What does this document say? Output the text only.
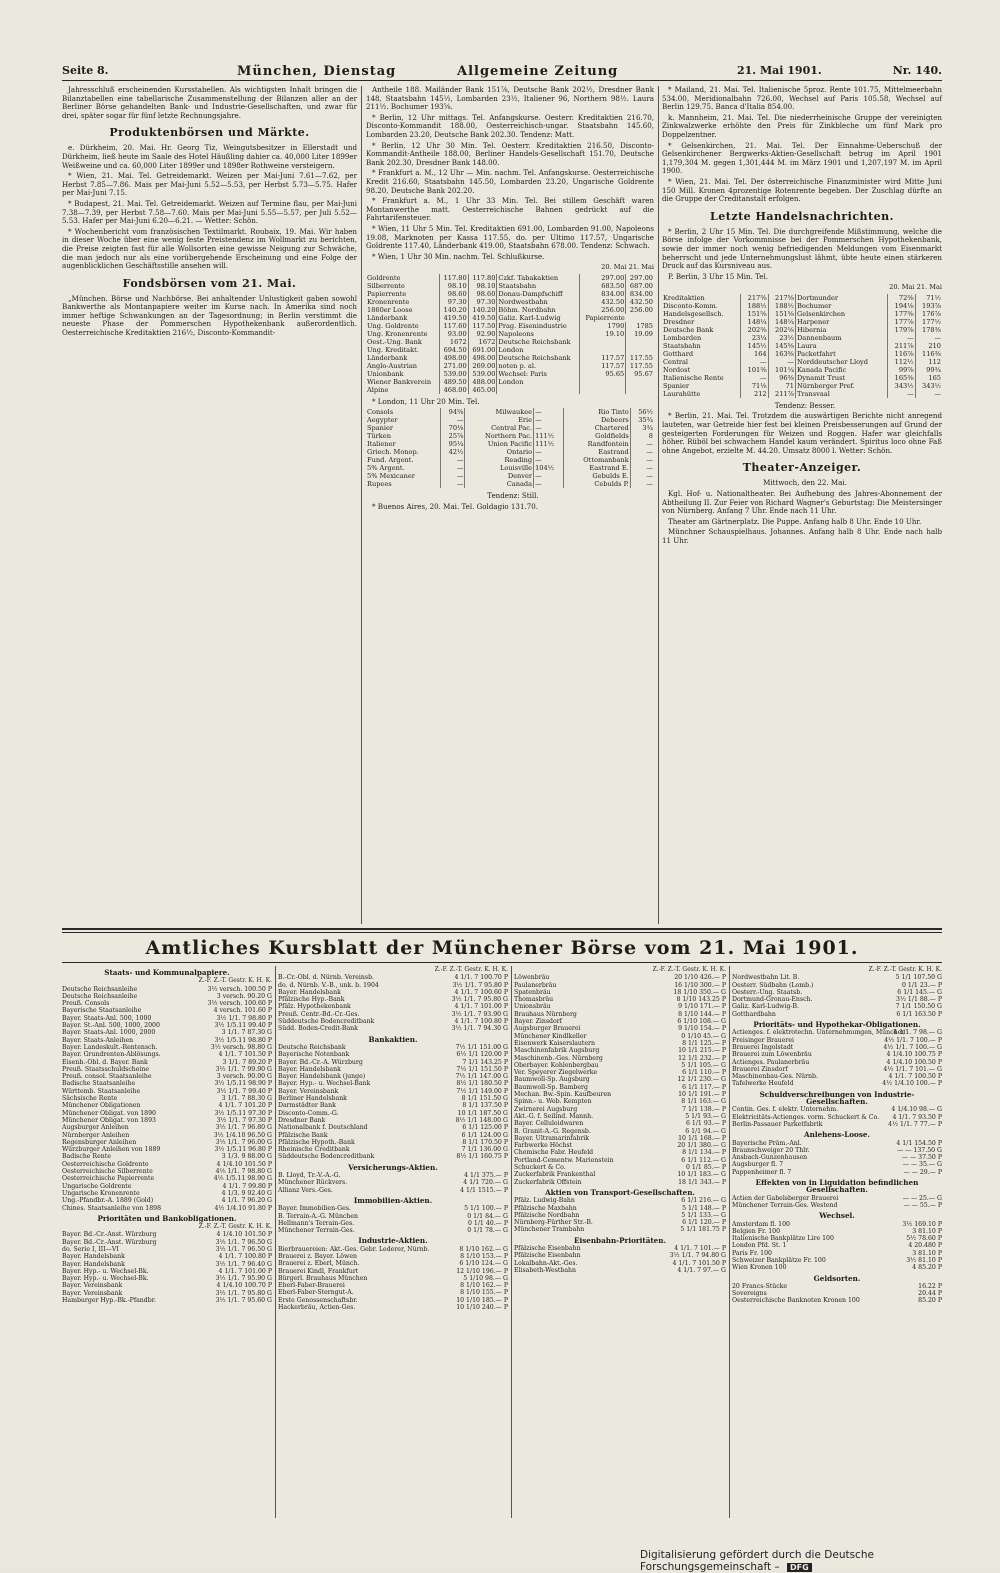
Seite 8.	München, Dienstag	Allgemeine Zeitung	21. Mai 1901.	Nr. 140.

Jahresschluß erscheinenden Kursstabellen. Als wichtigsten Inhalt bringen die Bilanztabellen eine tabellarische Zusammenstellung der Bilanzen aller an der Berliner Börse gehandelten Bank- und Industrie-Gesellschaften, und zwar für drei, später sogar für fünf letzte Rechnungsjahre.

Produktenbörsen und Märkte.

e. Dürkheim, 20. Mai. Hr. Georg Tiz, Weingutsbesitzer in Ellerstadt und Dürkheim, ließ heute im Saale des Hotel Häußling dahier ca. 40,000 Liter 1899er Weißweine und ca. 60,000 Liter 1899er und 1898er Rothweine versteigern.

* Wien, 21. Mai. Tel. Getreidemarkt. Weizen per Mai-Juni 7.61—7.62, per Herbst 7.85—7.86. Mais per Mai-Juni 5.52—5.53, per Herbst 5.73—5.75. Hafer per Mai-Juni 7.15.

* Budapest, 21. Mai. Tel. Getreidemarkt. Weizen auf Termine flau, per Mai-Juni 7.38—7.39, per Herbst 7.58—7.60. Mais per Mai-Juni 5.55—5.57, per Juli 5.52—5.53. Hafer per Mai-Juni 6.20—6.21. — Wetter: Schön.

* Wochenbericht vom französischen Textilmarkt. Roubaix, 19. Mai. Wir haben in dieser Woche über eine wenig feste Preistendenz im Wollmarkt zu berichten, die Preise zeigten fast für alle Wollsorten eine gewisse Neigung zur Schwäche, die man jedoch nur als eine vorübergehende Erscheinung und eine Folge der augenblicklichen Geschäftsstille ansehen will.

Fondsbörsen vom 21. Mai.

„München. Börse und Nachbörse. Bei anhaltender Unlustigkeit gaben sowohl Bankwerthe als Montanpapiere weiter im Kurse nach. In Amerika sind noch immer heftige Schwankungen an der Tagesordnung; in Berlin verstimmt die neueste Phase der Pommerschen Hypothekenbank außerordentlich. Oesterreichische Kreditaktien 216½, Disconto-Kommandit-

Antheile 188. Mailänder Bank 151⅞, Deutsche Bank 202½, Dresdner Bank 148, Staatsbahn 145½, Lombarden 23½, Italiener 96, Northern 98½. Laura 211½. Bochumer 193⅝.

* Berlin, 12 Uhr mittags. Tel. Anfangskurse. Oesterr. Kreditaktien 216.70, Disconto-Kommandit 188.00, Oesterreichisch-ungar. Staatsbahn 145.60, Lombarden 23.20, Deutsche Bank 202.30. Tendenz: Matt.

* Berlin, 12 Uhr 30 Min. Tel. Oesterr. Kreditaktien 216.50, Disconto-Kommandit-Antheile 188.00, Berliner Handels-Gesellschaft 151.70, Deutsche Bank 202.30, Dresdner Bank 148.00.

* Frankfurt a. M., 12 Uhr — Min. nachm. Tel. Anfangskurse. Oesterreichische Kredit 216.60, Staatsbahn 145.50, Lombarden 23.20, Ungarische Goldrente 98.20, Deutsche Bank 202.20.

* Frankfurt a. M., 1 Uhr 33 Min. Tel. Bei stillem Geschäft waren Montanwerthe matt. Oesterreichische Bahnen gedrückt auf die Fahrtarifensteuer.

* Wien, 11 Uhr 5 Min. Tel. Kreditaktien 691.00, Lombarden 91.00, Napoleons 19.08, Marknoten per Kassa 117.55, do. per Ultimo 117.57, Ungarische Goldrente 117.40, Länderbank 419.00, Staatsbahn 678.00. Tendenz: Schwach.

* Wien, 1 Uhr 30 Min. nachm. Tel. Schlußkurse.

20. Mai 21. Mai
Goldrente	117.80	117.80	Czkf. Tabakaktien	297.00	297.00
Silberrente	98.10	98.10	Staatsbahn	683.50	687.00
Papierrente	98.60	98.60	Donau-Dampfschiff	834.00	834.00
Kronenrente	97.30	97.30	Nordwestbahn	432.50	432.50
1860er Loose	140.20	140.20	Böhm. Nordbahn	256.00	256.00
Länderbank	419.50	419.50	Galiz. Karl-Ludwig	Papierrente	
Ung. Goldrente	117.60	117.50	Prag. Eisenindustrie	1790	1785
Ung. Kronenrente	93.00	92.90	Napoleons	19.10	19.09
Oest.-Ung. Bank	1672	1672	Deutsche Reichsbank		
Ung. Kreditakt.	694.50	691.00	London		
Länderbank	498.00	498.00	Deutsche Reichsbank	117.57	117.55
Anglo-Austrian	271.00	269.00	noten p. al.	117.57	117.55
Unionbank	539.00	539.00	Wechsel: Paris	95.65	95.67
Wiener Bankverein	489.50	488.00	London		
Alpine	468.00	465.00			

* London, 11 Uhr 20 Min. Tel.

Consols	94⅝	Milwaukee	—	Rio Tinto	56½
Aegypter	—	Erie	—	Debeers	35¾
Spanier	70⅛	Central Pac.	—	Chartered	3¾
Türken	25⅞	Northern Pac.	111½	Goldfields	8
Italiener	95¼	Union Pacific	111½	Randfontein	—
Griech. Monop.	42½	Ontario	—	Eastrand	—
Fund. Argent.	—	Reading	—	Ottomanbank	—
5% Argent.	—	Louisville	104½	Eastrand E.	—
5% Mexicaner	—	Denver	—	Gebulds E.	—
Rupees	—	Canada	—	Cebulds P.	—

Tendenz: Still.

* Buenos Aires, 20. Mai. Tel. Goldagio 131.70.

* Mailand, 21. Mai. Tel. Italienische 5proz. Rente 101.75, Mittelmeerbahn 534.00, Meridionalbahn 726.00, Wechsel auf Paris 105.58, Wechsel auf Berlin 129.75. Banca d'Italia 854.00.

k. Mannheim, 21. Mai. Tel. Die niederrheinische Gruppe der vereinigten Zinkwalzwerke erhöhte den Preis für Zinkbleche um fünf Mark pro Doppelzentner.

* Gelsenkirchen, 21. Mai. Tel. Der Einnahme-Ueberschuß der Gelsenkirchener Bergwerks-Aktien-Gesellschaft betrug im April 1901 1,179,304 M. gegen 1,301,444 M. im März 1901 und 1,207,197 M. im April 1900.

* Wien, 21. Mai. Tel. Der österreichische Finanzminister wird Mitte Juni 150 Mill. Kronen 4prozentige Rotenrente begeben. Der Zuschlag dürfte an die Gruppe der Creditanstalt erfolgen.

Letzte Handelsnachrichten.

* Berlin, 2 Uhr 15 Min. Tel. Die durchgreifende Mißstimmung, welche die Börse infolge der Vorkommnisse bei der Pommerschen Hypothekenbank, sowie der immer noch wenig befriedigenden Meldungen vom Eisenmarkt beherrscht und jede Unternehmungslust lähmt, übte heute einen stärkeren Druck auf das Kursniveau aus.

P. Berlin, 3 Uhr 15 Min. Tel.

20. Mai 21. Mai
Kreditaktien	217⅜	217⅝	Dortmunder	72⅜	71½
Disconto-Komm.	188½	188½	Bochumer	194⅛	193⅞
Handelsgesellsch.	151⅝	151⅝	Gelsenkirchen	177⅜	176⅞
Dresdner	148¼	148¼	Harpener	177⅞	177½
Deutsche Bank	202⅜	202⅛	Hibernia	179⅞	178⅜
Lombarden	23¼	23½	Dannenbaum	—	—
Staatsbahn	145½	145⅝	Laura	211⅞	210
Gotthard	164	163⅝	Packetfahrt	116⅞	116⅜
Central	—	—	Norddeutscher Lloyd	112½	112
Nordost	101⅜	101¼	Kanada Pacific	99⅞	99¾
Italienische Rente	—	96⅜	Dynamit Trust	165⅜	165
Spanier	71⅛	71	Nürnberger Pref.	343½	343½
Laurahütte	212	211⅞	Transvaal	—	—

Tendenz: Besser.

* Berlin, 21. Mai. Tel. Trotzdem die auswärtigen Berichte nicht anregend lauteten, war Getreide hier fest bei kleinen Preisbesserungen auf Grund der gesteigerten Forderungen für Weizen und Roggen. Hafer war gleichfalls höher. Rüböl bei schwachem Handel kaum verändert. Spiritus loco ohne Faß ohne Angebot, erzielte M. 44.20. Umsatz 8000 l. Wetter: Schön.

Theater-Anzeiger.

Mittwoch, den 22. Mai.

Kgl. Hof- u. Nationaltheater. Bei Aufhebung des Jahres-Abonnement der Abtheilung II. Zur Feier von Richard Wagner's Geburtstag: Die Meistersinger von Nürnberg. Anfang 7 Uhr. Ende nach 11 Uhr.

Theater am Gärtnerplatz. Die Puppe. Anfang halb 8 Uhr. Ende 10 Uhr.

Münchner Schauspielhaus. Johannes. Anfang halb 8 Uhr. Ende nach halb 11 Uhr.

Amtliches Kursblatt der Münchener Börse vom 21. Mai 1901.
Staats- und Kommunalpapiere.
Z.-F. Z.-T. Gestr. K. H. K.
Deutsche Reichsanleihe	3½ versch. 100.50 P
Deutsche Reichsanleihe	3 versch. 90.20 G
Preuß. Consols	3½ versch. 100.60 P
Bayerische Staatsanleihe	4 versch. 101.60 P
Bayer. Staats-Anl. 500, 1000	3½ 1/1. 7 98.80 P
Bayer. St.-Anl. 500, 1000, 2000	3½ 1/5.11 99.40 P
Bayer. Staats-Anl. 1000, 2000	3 1/1. 7 87.30 G
Bayer. Staats-Anleihen	3½ 1/5.11 98.80 P
Bayer. Landeskult.-Rentensch.	3½ versch. 98.80 G
Bayer. Grundrenten-Ablösungs.	4 1/1. 7 101.50 P
Eisenb.-Obl. d. Bayer. Bank	3 1/1. 7 89.20 P
Preuß. Staatsschuldscheine	3½ 1/1. 7 99.90 G
Preuß. consol. Staatsanleihe	3 versch. 90.00 G
Badische Staatsanleihe	3½ 1/5.11 98.90 P
Württemb. Staatsanleihe	3½ 1/1. 7 99.40 P
Sächsische Rente	3 1/1. 7 88.30 G
Münchener Obligationen	4 1/1. 7 101.20 P
Münchener Obligat. von 1890	3½ 1/5.11 97.30 P
Münchener Obligat. von 1893	3½ 1/1. 7 97.30 P
Augsburger Anleihen	3½ 1/1. 7 96.80 G
Nürnberger Anleihen	3½ 1/4.10 96.50 G
Regensburger Anleihen	3½ 1/1. 7 96.00 G
Würzburger Anleihen von 1889	3½ 1/5.11 96.80 P
Badische Rente	3 1/3. 9 88.00 G
Oesterreichische Goldrente	4 1/4.10 101.50 P
Oesterreichische Silberrente	4⅕ 1/1. 7 98.80 G
Oesterreichische Papierrente	4⅕ 1/5.11 98.90 G
Ungarische Goldrente	4 1/1. 7 99.80 P
Ungarische Kronenrente	4 1/3. 9 92.40 G
Ung.-Pfandbr.-A. 1889 (Gold)	4 1/1. 7 96.20 G
Chines. Staatsanleihe von 1898	4½ 1/4.10 91.80 P
Prioritäten und Bankobligationen.
Z.-F. Z.-T. Gestr. K. H. K.
Bayer. Bd.-Cr.-Anst. Würzburg	4 1/4.10 101.50 P
Bayer. Bd.-Cr.-Anst. Würzburg	3½ 1/1. 7 96.50 G
do. Serie I, III—VI	3½ 1/1. 7 96.50 G
Bayer. Handelsbank	4 1/1. 7 100.80 P
Bayer. Handelsbank	3½ 1/1. 7 96.40 G
Bayer. Hyp.- u. Wechsel-Bk.	4 1/1. 7 101.00 P
Bayer. Hyp.- u. Wechsel-Bk.	3½ 1/1. 7 95.90 G
Bayer. Vereinsbank	4 1/4.10 100.70 P
Bayer. Vereinsbank	3½ 1/1. 7 95.80 G
Hamburger Hyp.-Bk.-Pfandbr.	3½ 1/1. 7 95.60 G
Z.-F. Z.-T. Gestr. K. H. K.
B.-Cr.-Obl. d. Nürnb. Vereinsb.	4 1/1. 7 100.70 P
do. d. Nürnb. V.-B., unk. b. 1904	3½ 1/1. 7 95.80 P
Bayer. Handelsbank	4 1/1. 7 100.60 P
Pfälzische Hyp.-Bank	3½ 1/1. 7 95.80 G
Pfälz. Hypothekenbank	4 1/1. 7 101.00 P
Preuß. Centr.-Bd.-Cr.-Ges.	3½ 1/1. 7 93.90 G
Süddeutsche Bodencreditbank	4 1/1. 7 100.80 P
Südd. Boden-Credit-Bank	3½ 1/1. 7 94.30 G
Bankaktien.
Deutsche Reichsbank	7½ 1/1 151.00 G
Bayerische Notenbank	6½ 1/1 120.00 P
Bayer. Bd.-Cr.-A. Würzburg	7 1/1 143.25 P
Bayer. Handelsbank	7½ 1/1 151.50 P
Bayer. Handelsbank (junge)	7½ 1/1 147.00 G
Bayer. Hyp.- u. Wechsel-Bank	8½ 1/1 180.50 P
Bayer. Vereinsbank	7½ 1/1 149.00 P
Berliner Handelsbank	8 1/1 151.50 G
Darmstädter Bank	8 1/1 137.50 P
Disconto-Comm.-G.	10 1/1 187.50 G
Dresdner Bank	8½ 1/1 148.00 G
Nationalbank f. Deutschland	6 1/1 125.00 P
Pfälzische Bank	6 1/1 124.00 G
Pfälzische Hypoth.-Bank	8 1/1 170.50 P
Rheinische Creditbank	7 1/1 136.00 G
Süddeutsche Bodencreditbank	8½ 1/1 160.75 P
Versicherungs-Aktien.
B. Lloyd, Tr.-V.-A.-G.	4 1/1 375.— P
Münchener Rückvers.	4 1/1 720.— G
Allianz Vers.-Ges.	4 1/1 1515.— P
Immobilien-Aktien.
Bayer. Immobilien-Ges.	5 1/1 100.— P
B. Terrain-A.-G. München	0 1/1 84.— G
Hellmann's Terrain-Ges.	0 1/1 40.— P
Münchener Terrain-Ges.	0 1/1 78.— G
Industrie-Aktien.
Bierbrauereien: Akt.-Ges. Gebr. Lederer, Nürnb.	8 1/10 162.— G
Brauerei z. Bayer. Löwen	8 1/10 153.— P
Brauerei z. Eberl, Münch.	6 1/10 124.— G
Brauerei Kindl, Frankfurt	12 1/10 196.— P
Bürgerl. Brauhaus München	5 1/10 98.— G
Eberl-Faber-Brauerei	8 1/10 162.— P
Eberl-Faber-Sterngut-A.	8 1/10 155.— P
Erste Genossenschaftsbr.	10 1/10 185.— P
Hackerbräu, Actien-Ges.	10 1/10 240.— P
Z.-F. Z.-T. Gestr. K. H. K.
Löwenbräu	20 1/10 426.— P
Paulanerbräu	16 1/10 300.— P
Spatenbräu	18 1/10 350.— G
Thomasbräu	8 1/10 143.25 P
Unionsbräu	9 1/10 171.— P
Brauhaus Nürnberg	8 1/10 144.— P
Bayer. Zinsdorf	6 1/10 108.— G
Augsburger Brauerei	9 1/10 154.— P
Münchener Kindlkeller	0 1/10 45.— G
Eisenwerk Kaiserslautern	8 1/1 125.— P
Maschinenfabrik Augsburg	10 1/1 215.— P
Maschinenb.-Ges. Nürnberg	12 1/1 232.— P
Oberbayer. Kohlenbergbau	5 1/1 105.— G
Ver. Speyerer Ziegelwerke	6 1/1 110.— P
Baumwoll-Sp. Augsburg	12 1/1 230.— G
Baumwoll-Sp. Bamberg	6 1/1 117.— P
Mechan. Bw.-Spin. Kaufbeuren	10 1/1 191.— P
Spinn.- u. Web. Kempten	8 1/1 163.— G
Zwirnerei Augsburg	7 1/1 138.— P
Akt.-G. f. Seilind. Mannh.	5 1/1 93.— G
Bayer. Celluloidwaren	6 1/1 93.— P
B. Granit-A.-G. Regensb.	6 1/1 94.— G
Bayer. Ultramarinfabrik	10 1/1 168.— P
Farbwerke Höchst	20 1/1 380.— G
Chemische Fabr. Heufeld	8 1/1 134.— P
Portland-Cementw. Marienstein	6 1/1 112.— G
Schuckert & Co.	0 1/1 85.— P
Zuckerfabrik Frankenthal	10 1/1 183.— G
Zuckerfabrik Offstein	18 1/1 343.— P
Aktien von Transport-Gesellschaften.
Pfälz. Ludwig-Bahn	6 1/1 216.— G
Pfälzische Maxbahn	5 1/1 148.— P
Pfälzische Nordbahn	5 1/1 133.— G
Nürnberg-Fürther Str.-B.	6 1/1 120.— P
Münchener Trambahn	5 1/1 181.75 P
Eisenbahn-Prioritäten.
Pfälzische Eisenbahn	4 1/1. 7 101.— P
Pfälzische Eisenbahn	3½ 1/1. 7 94.80 G
Lokalbahn-Akt.-Ges.	4 1/1. 7 101.50 P
Elisabeth-Westbahn	4 1/1. 7 97.— G
Z.-F. Z.-T. Gestr. K. H. K.
Nordwestbahn Lit. B.	5 1/1 107.50 G
Oesterr. Südbahn (Lomb.)	0 1/1 23.— P
Oesterr.-Ung. Staatsb.	6 1/1 145.— G
Dortmund-Gronau-Ensch.	3½ 1/1 88.— P
Galiz. Karl-Ludwig-B.	7 1/1 150.50 G
Gotthardbahn	6 1/1 163.50 P
Prioritäts- und Hypothekar-Obligationen.
Actienges. f. elektrotechn. Unternehmungen, München
4 1/1. 7 98.— G
Freisinger Brauerei	4½ 1/1. 7 100.— P
Brauerei Ingolstadt	4½ 1/1. 7 100.— G
Brauerei zum Löwenbräu	4 1/4.10 100.75 P
Actienges. Paulanerbräu	4 1/4.10 100.50 P
Brauerei Zinsdorf	4½ 1/1. 7 101.— G
Maschinenbau-Ges. Nürnb.	4 1/1. 7 100.50 P
Tafelwerke Heufeld	4½ 1/4.10 100.— P
Schuldverschreibungen von Industrie-Gesellschaften.
Contin. Ges. f. elektr. Unternehm.	4 1/4.10 98.— G
Elektricitäts-Actienges. vorm. Schuckert & Co. 4 1/1. 7 93.50 P
Berlin-Passauer Parketfabrik	4½ 1/1. 7 77.— P
Anlehens-Loose.
Bayerische Präm.-Anl.	4 1/1 154.50 P
Braunschweiger 20 Thlr.	— — 137.50 G
Ansbach-Gunzenhausen	— — 37.50 P
Augsburger fl. 7	— — 35.— G
Pappenheimer fl. 7	— — 29.— P
Effekten von in Liquidation befindlichen Gesellschaften.
Actien der Gabelsberger Brauerei	— — 25.— G
Münchener Terrain-Ges. Westend	— — 55.— P
Wechsel.
Amsterdam fl. 100	3½ 169.10 P
Belgien Fr. 100	3 81.10 P
Italienische Bankplätze Lire 100	5½ 78.60 P
London Pfd. St. 1	4 20.480 P
Paris Fr. 100	3 81.10 P
Schweizer Bankplätze Fr. 100	3½ 81.10 P
Wien Kronen 100	4 85.20 P
Geldsorten.
20 Francs-Stücke	16.22 P
Sovereigns	20.44 P
Oesterreichische Banknoten Kronen 100	85.20 P
Digitalisierung gefördert durch die Deutsche Forschungsgemeinschaft – DFG
